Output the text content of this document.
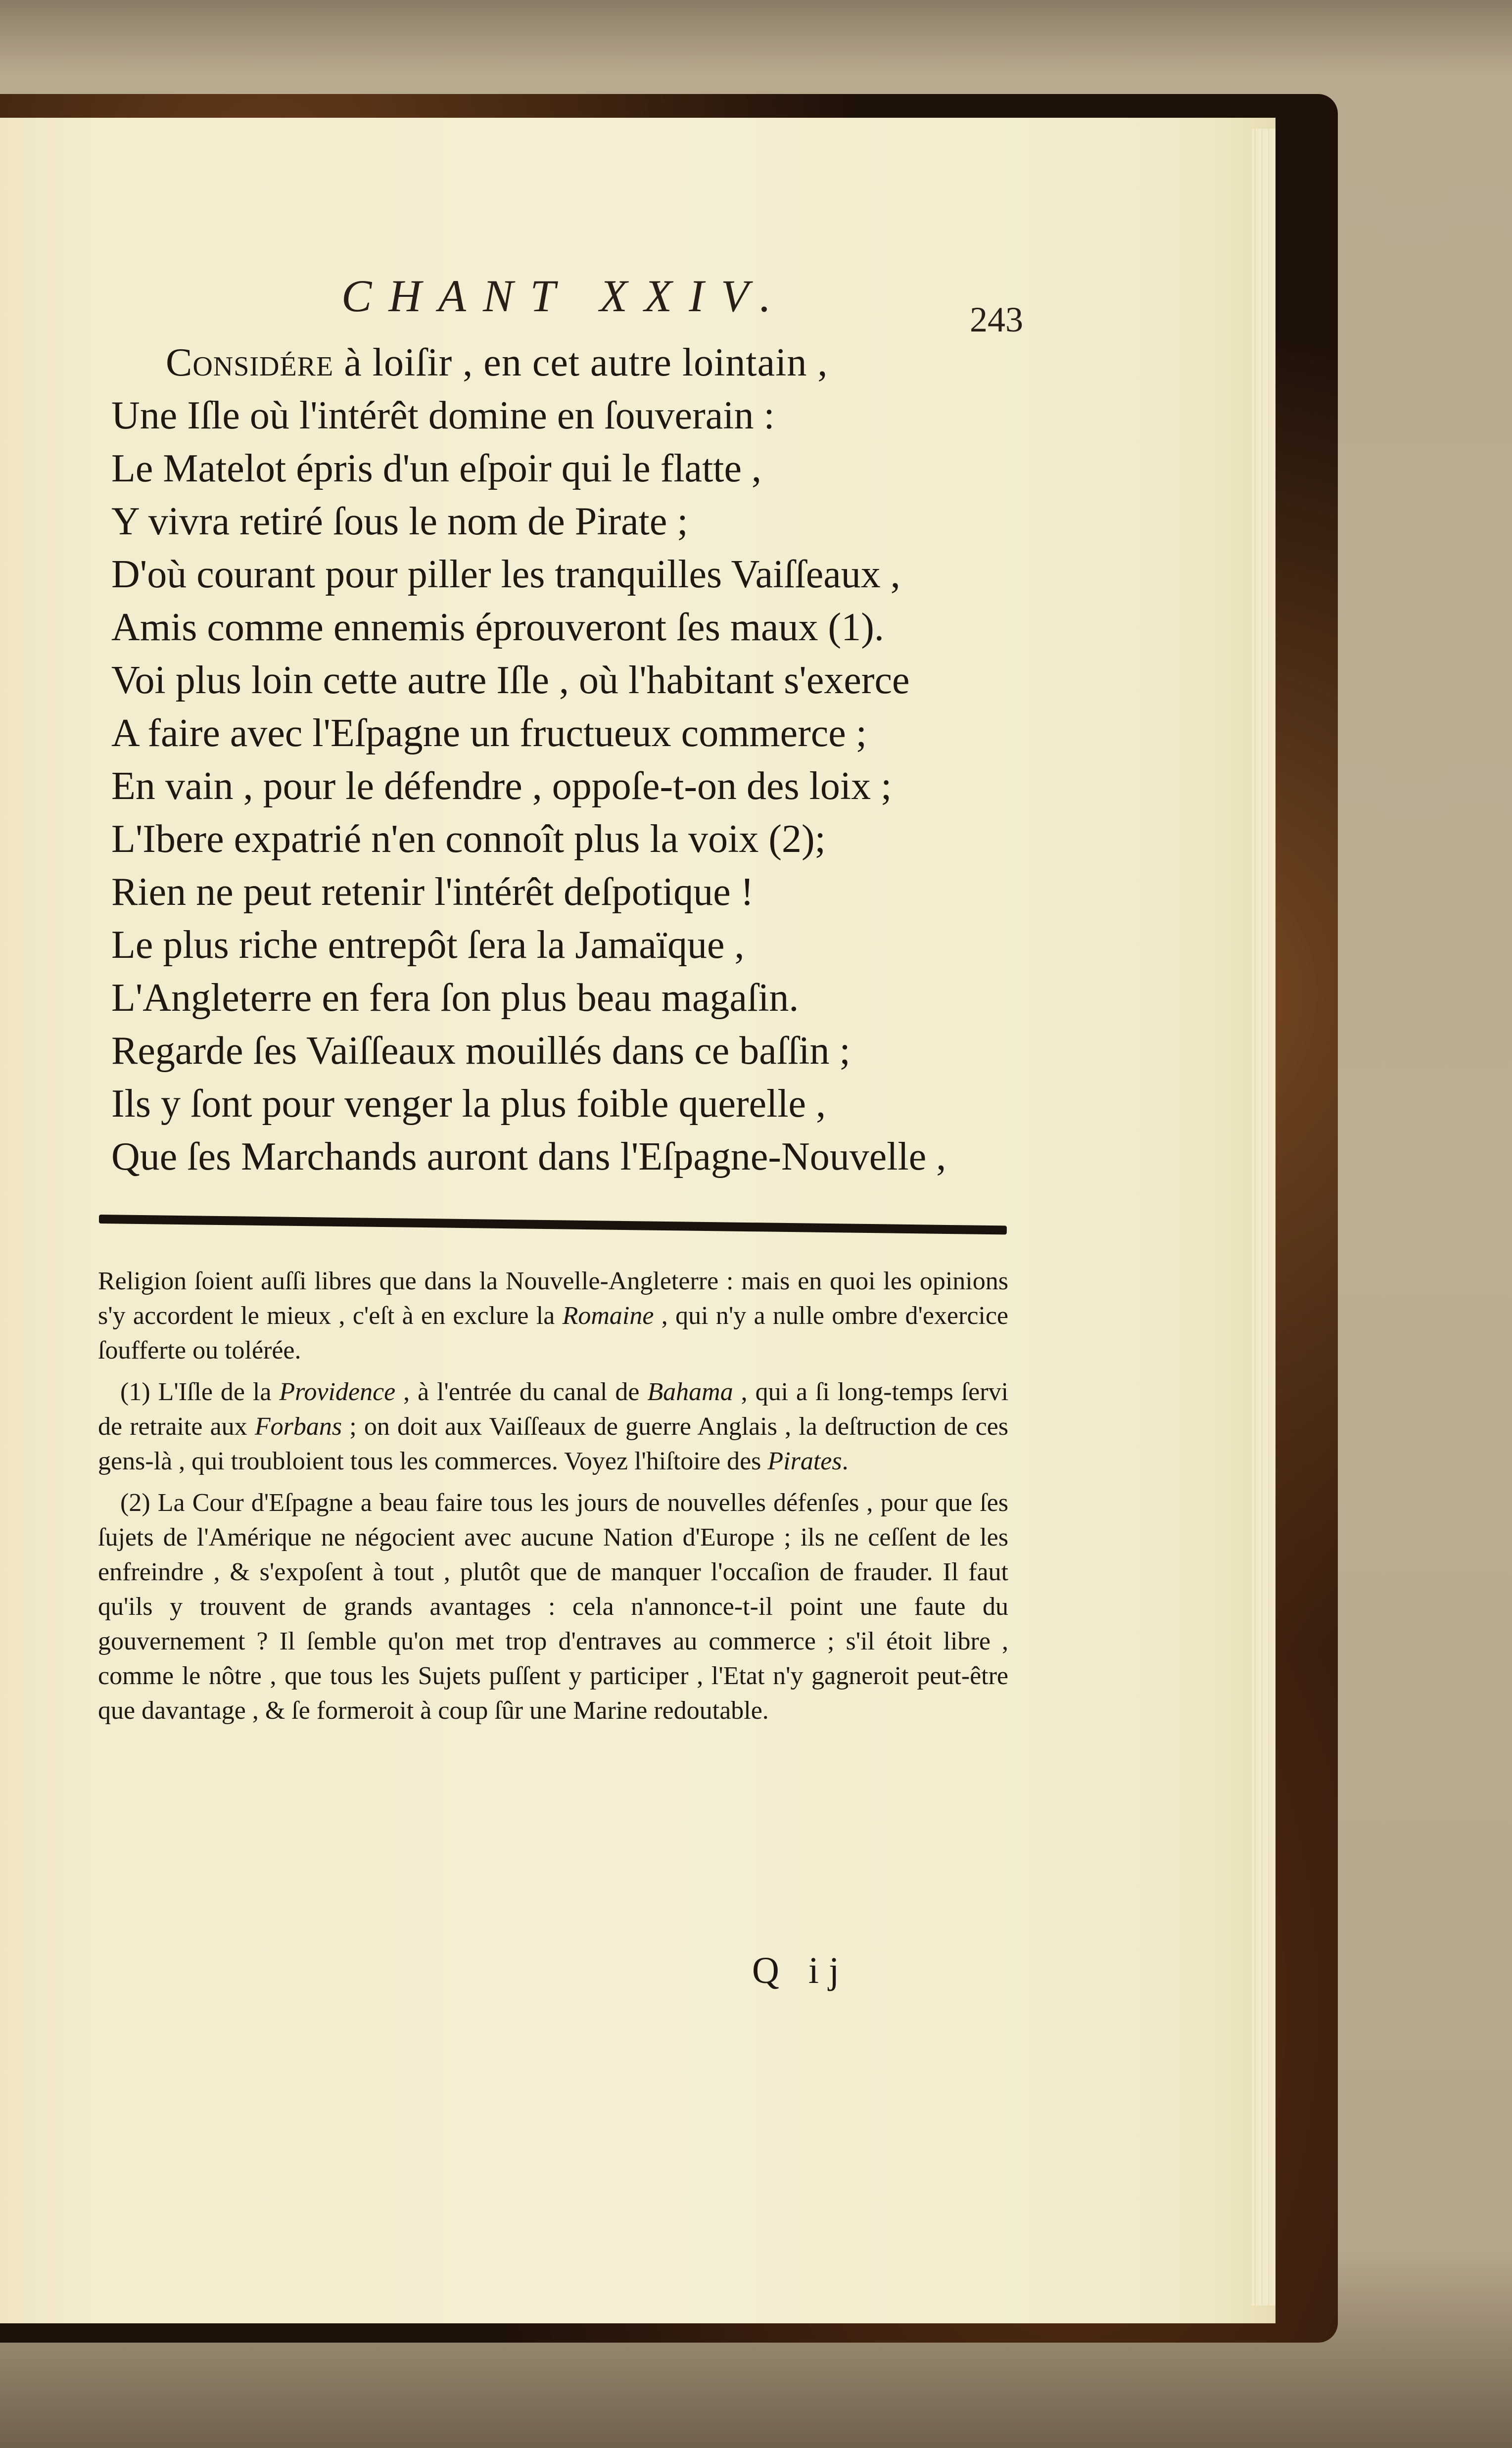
CHANT XXIV.	243
Considére à loiſir , en cet autre lointain ,
Une Iſle où l'intérêt domine en ſouverain :
Le Matelot épris d'un eſpoir qui le flatte ,
Y vivra retiré ſous le nom de Pirate ;
D'où courant pour piller les tranquilles Vaiſſeaux ,
Amis comme ennemis éprouveront ſes maux (1).
Voi plus loin cette autre Iſle , où l'habitant s'exerce
A faire avec l'Eſpagne un fructueux commerce ;
En vain , pour le défendre , oppoſe-t-on des loix ;
L'Ibere expatrié n'en connoît plus la voix (2);
Rien ne peut retenir l'intérêt deſpotique !
Le plus riche entrepôt ſera la Jamaïque ,
L'Angleterre en fera ſon plus beau magaſin.
Regarde ſes Vaiſſeaux mouillés dans ce baſſin ;
Ils y ſont pour venger la plus foible querelle ,
Que ſes Marchands auront dans l'Eſpagne-Nouvelle ,

Religion ſoient auſſi libres que dans la Nouvelle-Angleterre : mais en quoi les opinions s'y accordent le mieux , c'eſt à en exclure la Romaine , qui n'y a nulle ombre d'exercice ſoufferte ou tolérée.

(1) L'Iſle de la Providence , à l'entrée du canal de Bahama , qui a ſi long-temps ſervi de retraite aux Forbans ; on doit aux Vaiſſeaux de guerre Anglais , la deſtruction de ces gens-là , qui troubloient tous les commerces. Voyez l'hiſtoire des Pirates.

(2) La Cour d'Eſpagne a beau faire tous les jours de nouvelles défenſes , pour que ſes ſujets de l'Amérique ne négocient avec aucune Nation d'Europe ; ils ne ceſſent de les enfreindre , & s'expoſent à tout , plutôt que de manquer l'occaſion de frauder. Il faut qu'ils y trouvent de grands avantages : cela n'annonce-t-il point une faute du gouvernement ? Il ſemble qu'on met trop d'entraves au commerce ; s'il étoit libre , comme le nôtre , que tous les Sujets puſſent y participer , l'Etat n'y gagneroit peut-être que davantage , & ſe formeroit à coup ſûr une Marine redoutable.

Q ij
